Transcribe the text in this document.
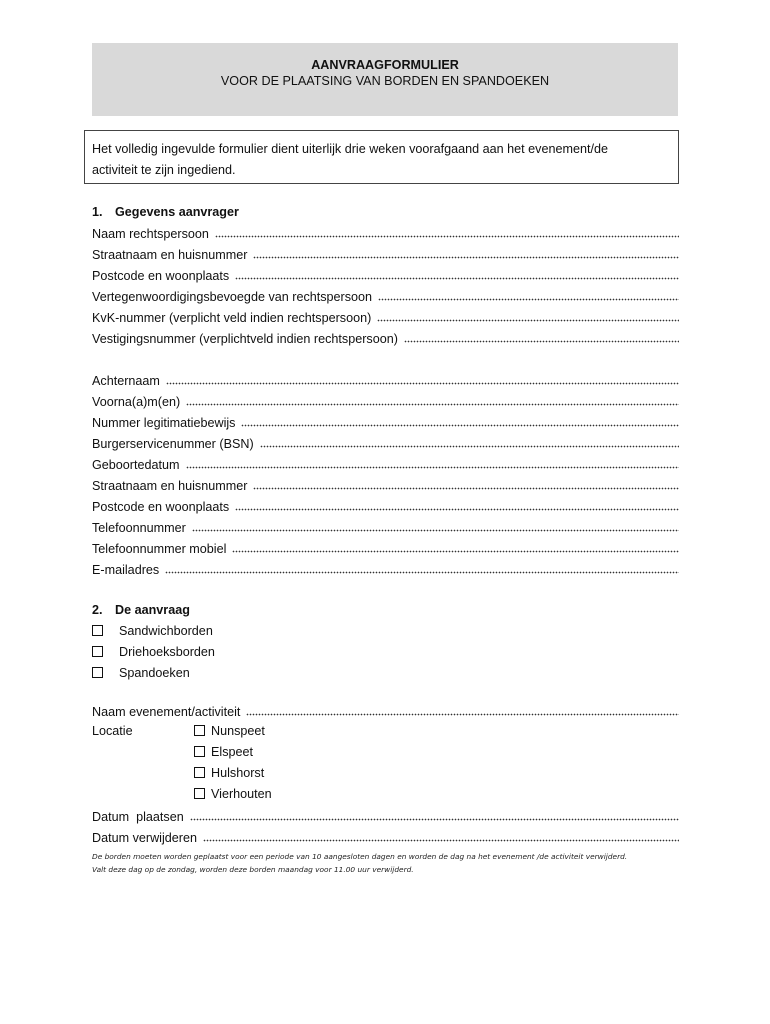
AANVRAAGFORMULIER
VOOR DE PLAATSING VAN BORDEN EN SPANDOEKEN
Het volledig ingevulde formulier dient uiterlijk drie weken voorafgaand aan het evenement/de
activiteit te zijn ingediend.
1. Gegevens aanvrager
Naam rechtspersoon
Straatnaam en huisnummer
Postcode en woonplaats
Vertegenwoordigingsbevoegde van rechtspersoon
KvK-nummer (verplicht veld indien rechtspersoon)
Vestigingsnummer (verplichtveld indien rechtspersoon)
Achternaam
Voorna(a)m(en)
Nummer legitimatiebewijs
Burgerservicenummer (BSN)
Geboortedatum
Straatnaam en huisnummer
Postcode en woonplaats
Telefoonnummer
Telefoonnummer mobiel
E-mailadres
2. De aanvraag
Sandwichborden
Driehoeksborden
Spandoeken
Naam evenement/activiteit
Locatie	Nunspeet
Elspeet
Hulshorst
Vierhouten
Datum  plaatsen
Datum verwijderen
De borden moeten worden geplaatst voor een periode van 10 aangesloten dagen en worden de dag na het evenement /de activiteit verwijderd.
Valt deze dag op de zondag, worden deze borden maandag voor 11.00 uur verwijderd.
